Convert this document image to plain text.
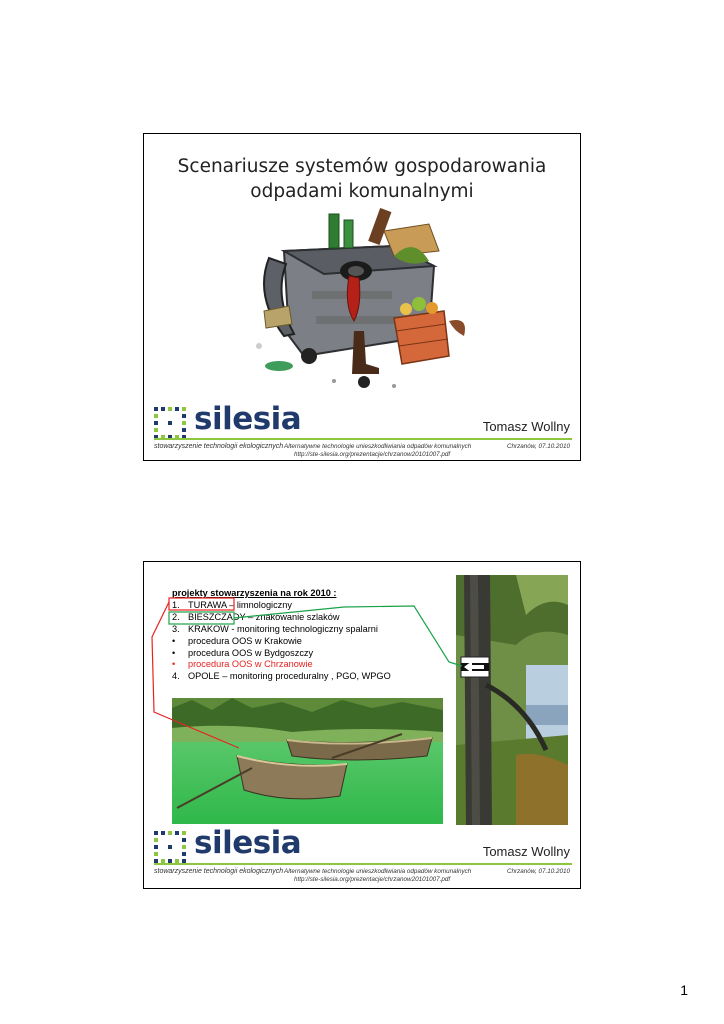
Scenariusze systemów gospodarowania
odpadami komunalnymi
silesia	Tomasz Wollny
stowarzyszenie technologii ekologicznych Alternatywne technologie unieszkodliwiania odpadów komunalnych	Chrzanów, 07.10.2010
http://ste-silesia.org/prezentacje/chrzanow20101007.pdf
projekty stowarzyszenia na rok 2010 :
1. TURAWA – limnologiczny
2. BIESZCZADY – znakowanie szlaków
3. KRAKOW - monitoring technologiczny spalarni
• procedura OOS w Krakowie
• procedura OOS w Bydgoszczy
• procedura OOS w Chrzanowie
4. OPOLE – monitoring proceduralny , PGO, WPGO
silesia	Tomasz Wollny
stowarzyszenie technologii ekologicznych Alternatywne technologie unieszkodliwiania odpadów komunalnych	Chrzanów, 07.10.2010
http://ste-silesia.org/prezentacje/chrzanow20101007.pdf
1
